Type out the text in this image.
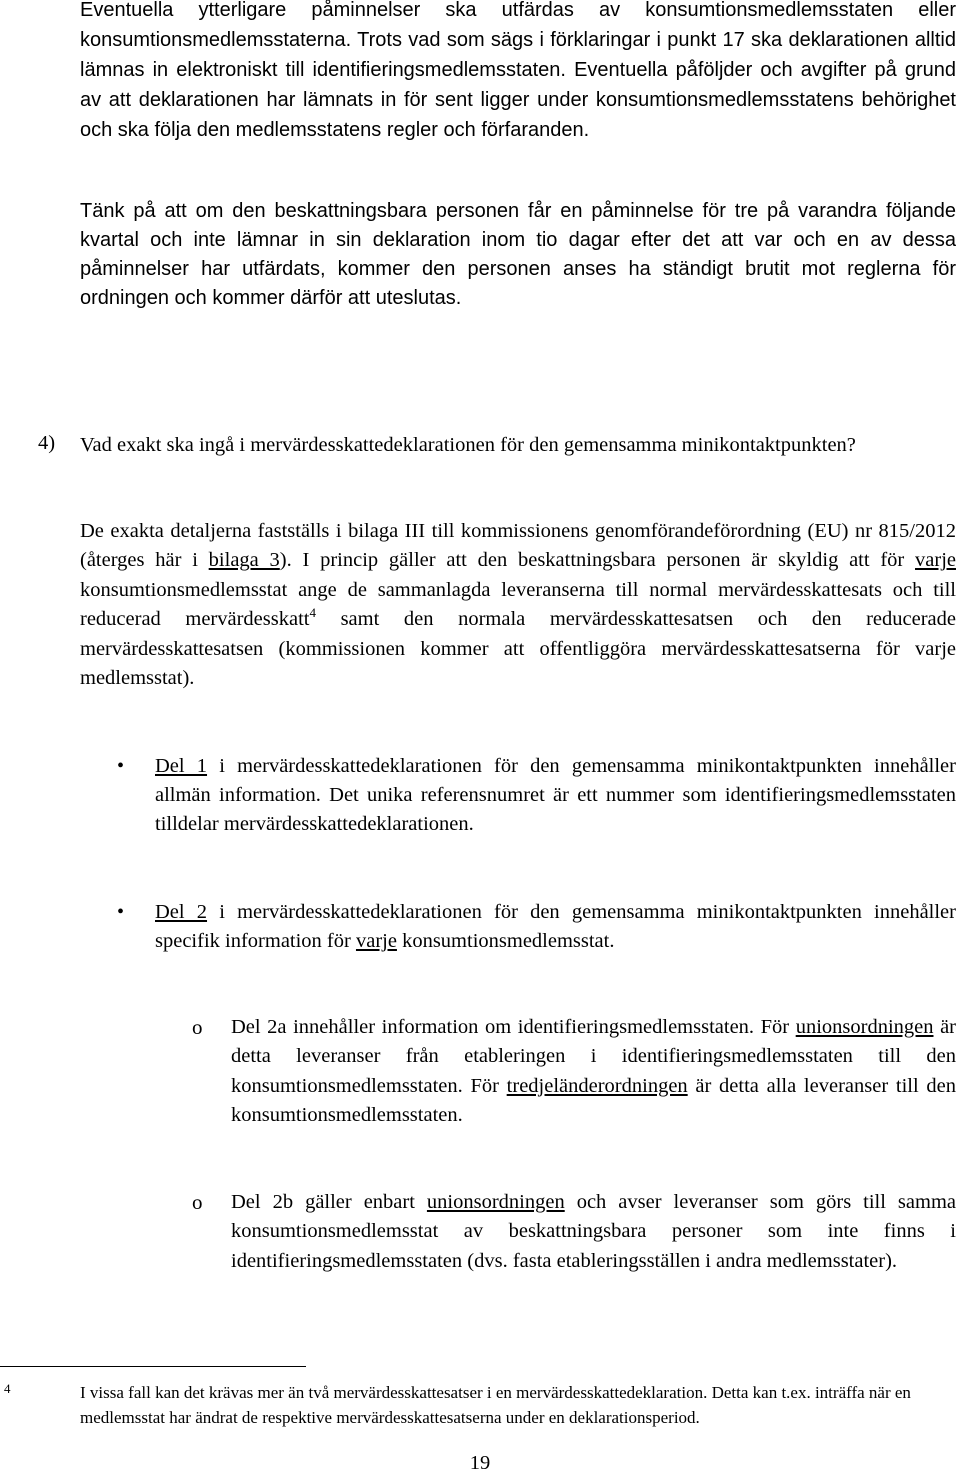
Eventuella ytterligare påminnelser ska utfärdas av konsumtionsmedlemsstaten eller konsumtionsmedlemsstaterna. Trots vad som sägs i förklaringar i punkt 17 ska deklarationen alltid lämnas in elektroniskt till identifieringsmedlemsstaten. Eventuella påföljder och avgifter på grund av att deklarationen har lämnats in för sent ligger under konsumtionsmedlemsstatens behörighet och ska följa den medlemsstatens regler och förfaranden.

Tänk på att om den beskattningsbara personen får en påminnelse för tre på varandra följande kvartal och inte lämnar in sin deklaration inom tio dagar efter det att var och en av dessa påminnelser har utfärdats, kommer den personen anses ha ständigt brutit mot reglerna för ordningen och kommer därför att uteslutas.

4) Vad exakt ska ingå i mervärdesskattedeklarationen för den gemensamma minikontaktpunkten?

De exakta detaljerna fastställs i bilaga III till kommissionens genomförandeförordning (EU) nr 815/2012 (återges här i bilaga 3). I princip gäller att den beskattningsbara personen är skyldig att för varje konsumtionsmedlemsstat ange de sammanlagda leveranserna till normal mervärdesskattesats och till reducerad mervärdesskatt$^4$ samt den normala mervärdesskattesatsen och den reducerade mervärdesskattesatsen (kommissionen kommer att offentliggöra mervärdesskattesatserna för varje medlemsstat).

• Del 1 i mervärdesskattedeklarationen för den gemensamma minikontaktpunkten innehåller allmän information. Det unika referensnumret är ett nummer som identifieringsmedlemsstaten tilldelar mervärdesskattedeklarationen.

• Del 2 i mervärdesskattedeklarationen för den gemensamma minikontaktpunkten innehåller specifik information för varje konsumtionsmedlemsstat.

o Del 2a innehåller information om identifieringsmedlemsstaten. För unionsordningen är detta leveranser från etableringen i identifieringsmedlemsstaten till den konsumtionsmedlemsstaten. För tredjeländerordningen är detta alla leveranser till den konsumtionsmedlemsstaten.

o Del 2b gäller enbart unionsordningen och avser leveranser som görs till samma konsumtionsmedlemsstat av beskattningsbara personer som inte finns i identifieringsmedlemsstaten (dvs. fasta etableringsställen i andra medlemsstater).

4	I vissa fall kan det krävas mer än två mervärdesskattesatser i en mervärdesskattedeklaration. Detta kan t.ex. inträffa när en medlemsstat har ändrat de respektive mervärdesskattesatserna under en deklarationsperiod.

19
